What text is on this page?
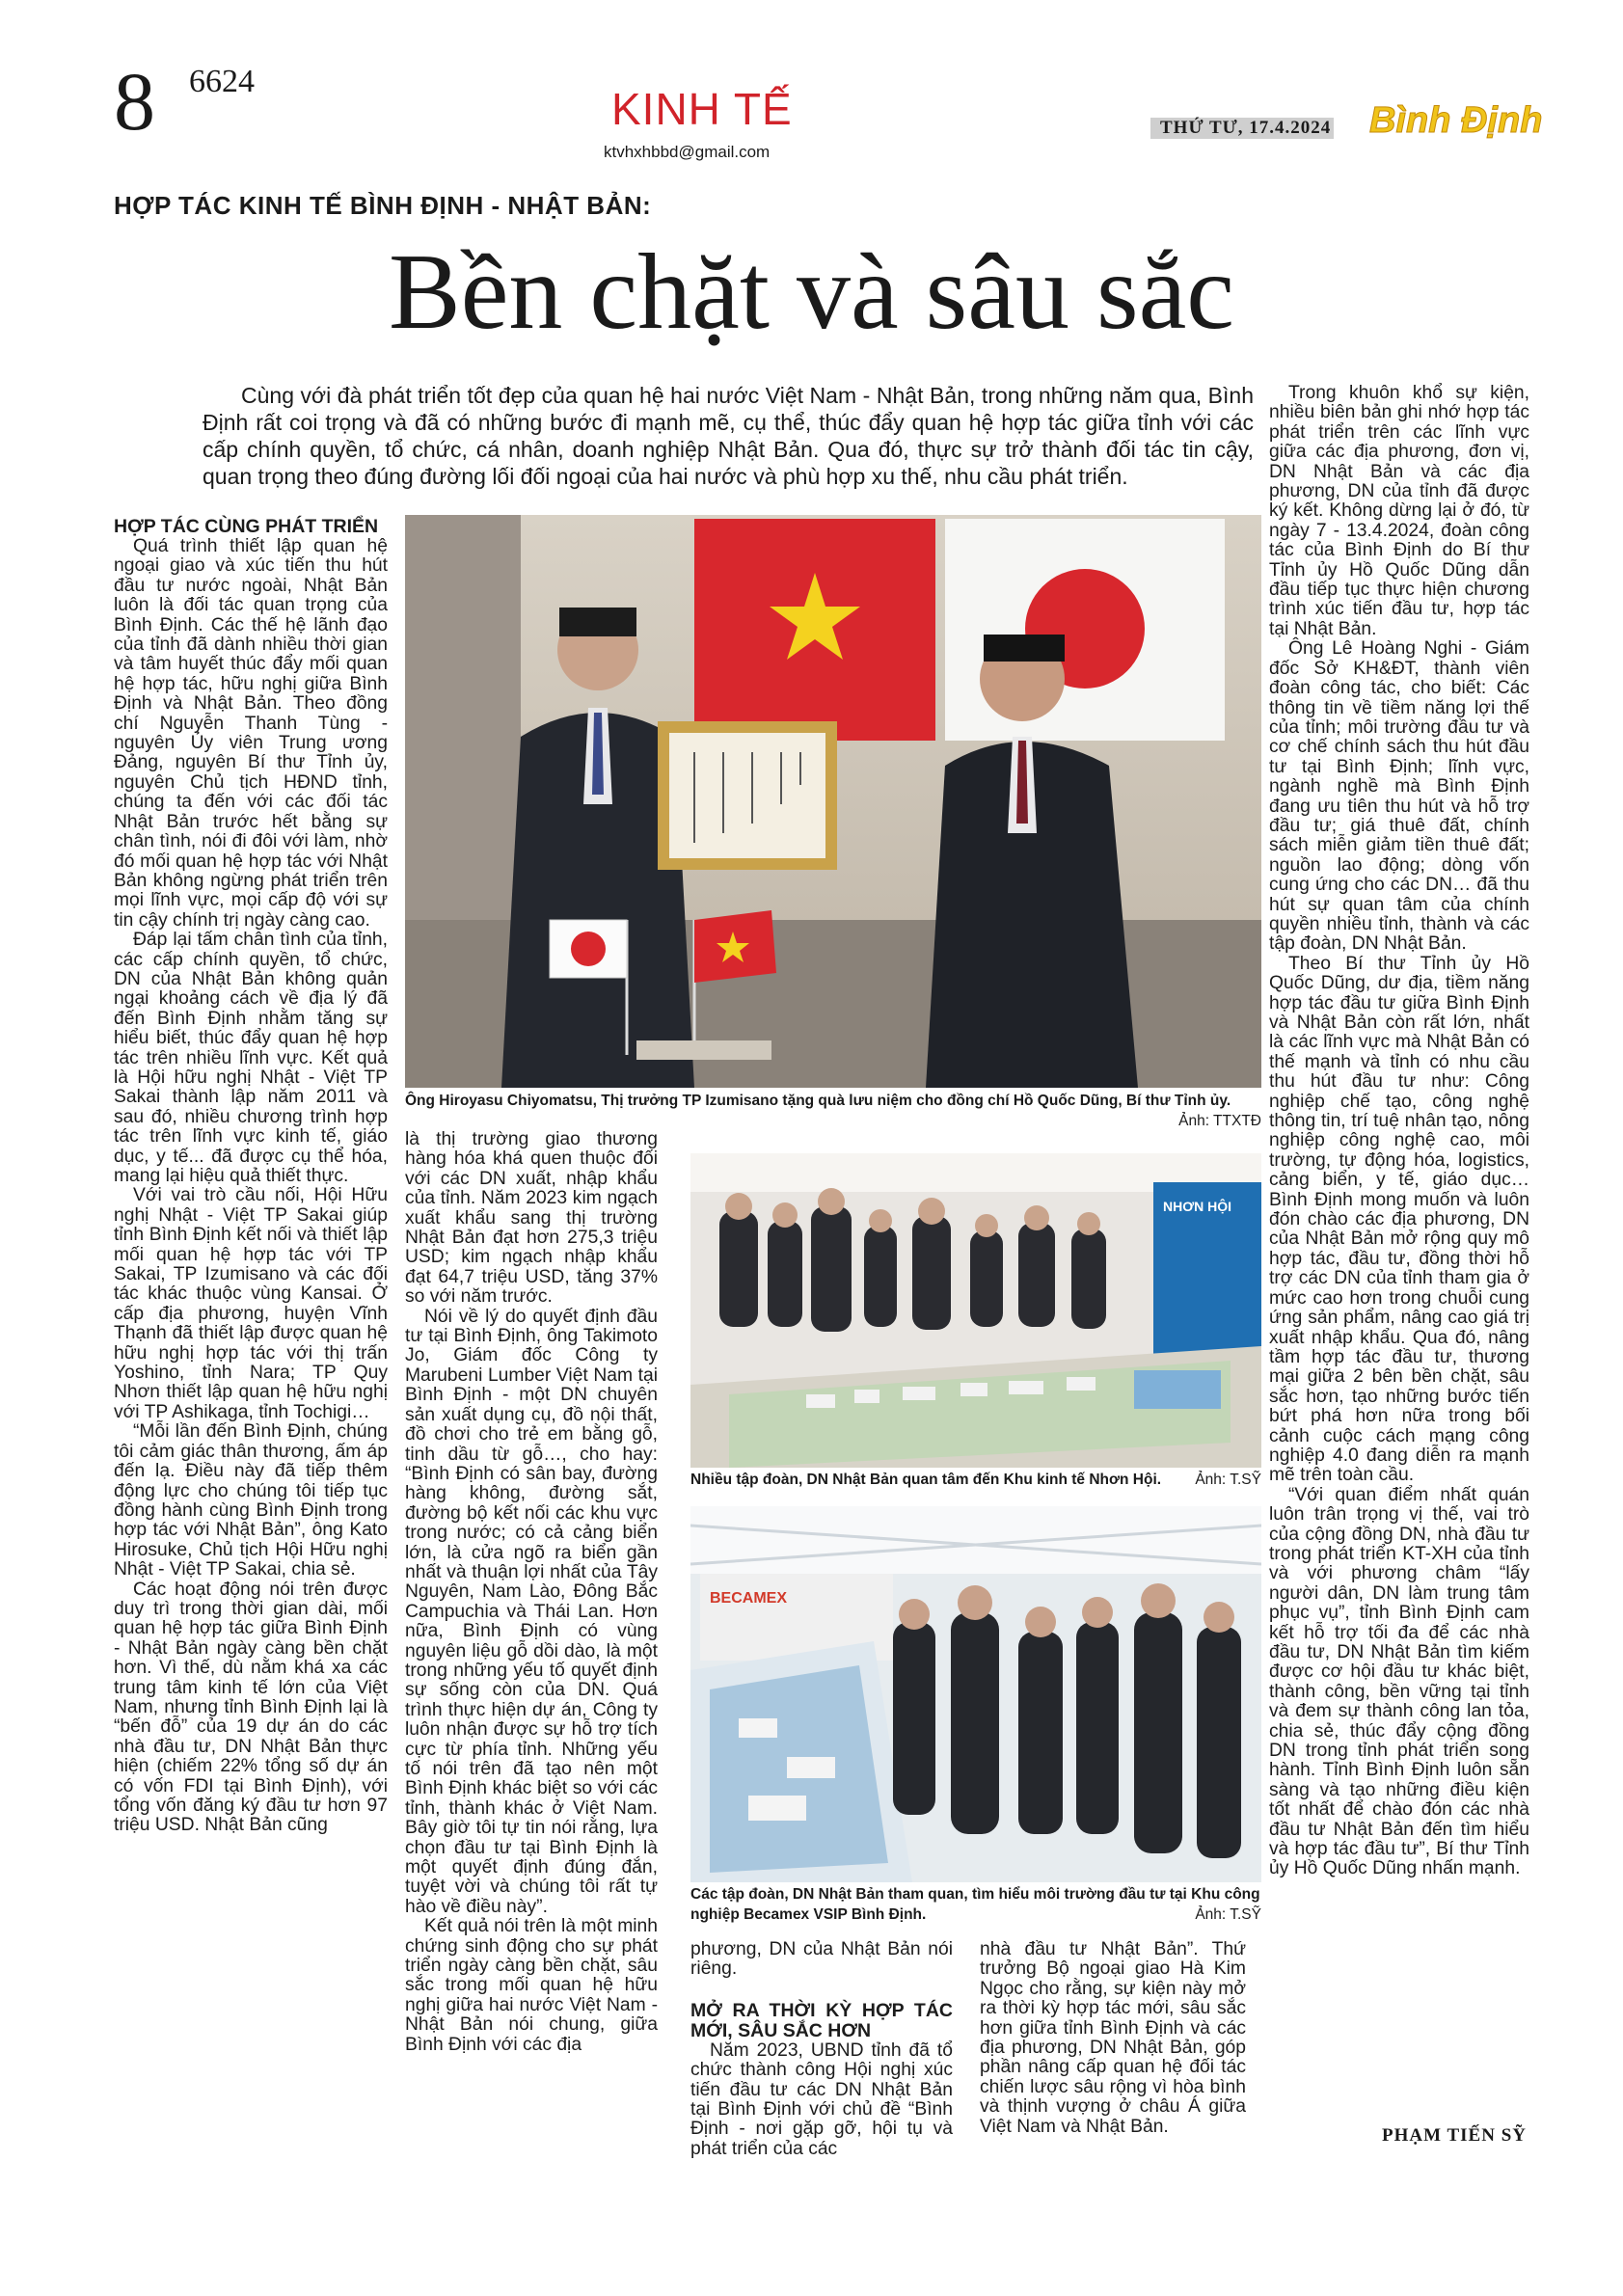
8 6624
KINH TẾ
ktvhxhbbd@gmail.com
THỨ TƯ, 17.4.2024 Bình Định
HỢP TÁC KINH TẾ BÌNH ĐỊNH - NHẬT BẢN:
Bền chặt và sâu sắc
Cùng với đà phát triển tốt đẹp của quan hệ hai nước Việt Nam - Nhật Bản, trong những năm qua, Bình Định rất coi trọng và đã có những bước đi mạnh mẽ, cụ thể, thúc đẩy quan hệ hợp tác giữa tỉnh với các cấp chính quyền, tổ chức, cá nhân, doanh nghiệp Nhật Bản. Qua đó, thực sự trở thành đối tác tin cậy, quan trọng theo đúng đường lối đối ngoại của hai nước và phù hợp xu thế, nhu cầu phát triển.

HỢP TÁC CÙNG PHÁT TRIỂN

Quá trình thiết lập quan hệ ngoại giao và xúc tiến thu hút đầu tư nước ngoài, Nhật Bản luôn là đối tác quan trọng của Bình Định. Các thế hệ lãnh đạo của tỉnh đã dành nhiều thời gian và tâm huyết thúc đẩy mối quan hệ hợp tác, hữu nghị giữa Bình Định và Nhật Bản. Theo đồng chí Nguyễn Thanh Tùng - nguyên Ủy viên Trung ương Đảng, nguyên Bí thư Tỉnh ủy, nguyên Chủ tịch HĐND tỉnh, chúng ta đến với các đối tác Nhật Bản trước hết bằng sự chân tình, nói đi đôi với làm, nhờ đó mối quan hệ hợp tác với Nhật Bản không ngừng phát triển trên mọi lĩnh vực, mọi cấp độ với sự tin cậy chính trị ngày càng cao.

Đáp lại tấm chân tình của tỉnh, các cấp chính quyền, tổ chức, DN của Nhật Bản không quản ngại khoảng cách về địa lý đã đến Bình Định nhằm tăng sự hiểu biết, thúc đẩy quan hệ hợp tác trên nhiều lĩnh vực. Kết quả là Hội hữu nghị Nhật - Việt TP Sakai thành lập năm 2011 và sau đó, nhiều chương trình hợp tác trên lĩnh vực kinh tế, giáo dục, y tế... đã được cụ thể hóa, mang lại hiệu quả thiết thực.

Với vai trò cầu nối, Hội Hữu nghị Nhật - Việt TP Sakai giúp tỉnh Bình Định kết nối và thiết lập mối quan hệ hợp tác với TP Sakai, TP Izumisano và các đối tác khác thuộc vùng Kansai. Ở cấp địa phương, huyện Vĩnh Thạnh đã thiết lập được quan hệ hữu nghị hợp tác với thị trấn Yoshino, tỉnh Nara; TP Quy Nhơn thiết lập quan hệ hữu nghị với TP Ashikaga, tỉnh Tochigi…

“Mỗi lần đến Bình Định, chúng tôi cảm giác thân thương, ấm áp đến lạ. Điều này đã tiếp thêm động lực cho chúng tôi tiếp tục đồng hành cùng Bình Định trong hợp tác với Nhật Bản”, ông Kato Hirosuke, Chủ tịch Hội Hữu nghị Nhật - Việt TP Sakai, chia sẻ.

Các hoạt động nói trên được duy trì trong thời gian dài, mối quan hệ hợp tác giữa Bình Định - Nhật Bản ngày càng bền chặt hơn. Vì thế, dù nằm khá xa các trung tâm kinh tế lớn của Việt Nam, nhưng tỉnh Bình Định lại là “bến đỗ” của 19 dự án do các nhà đầu tư, DN Nhật Bản thực hiện (chiếm 22% tổng số dự án có vốn FDI tại Bình Định), với tổng vốn đăng ký đầu tư hơn 97 triệu USD. Nhật Bản cũng

Ông Hiroyasu Chiyomatsu, Thị trưởng TP Izumisano tặng quà lưu niệm cho đồng chí Hồ Quốc Dũng, Bí thư Tỉnh ủy.
Ảnh: TTXTĐ

là thị trường giao thương hàng hóa khá quen thuộc đối với các DN xuất, nhập khẩu của tỉnh. Năm 2023 kim ngạch xuất khẩu sang thị trường Nhật Bản đạt hơn 275,3 triệu USD; kim ngạch nhập khẩu đạt 64,7 triệu USD, tăng 37% so với năm trước.

Nói về lý do quyết định đầu tư tại Bình Định, ông Takimoto Jo, Giám đốc Công ty Marubeni Lumber Việt Nam tại Bình Định - một DN chuyên sản xuất dụng cụ, đồ nội thất, đồ chơi cho trẻ em bằng gỗ, tinh dầu từ gỗ…, cho hay: “Bình Định có sân bay, đường hàng không, đường sắt, đường bộ kết nối các khu vực trong nước; có cả cảng biển lớn, là cửa ngõ ra biển gần nhất và thuận lợi nhất của Tây Nguyên, Nam Lào, Đông Bắc Campuchia và Thái Lan. Hơn nữa, Bình Định có vùng nguyên liệu gỗ dồi dào, là một trong những yếu tố quyết định sự sống còn của DN. Quá trình thực hiện dự án, Công ty luôn nhận được sự hỗ trợ tích cực từ phía tỉnh. Những yếu tố nói trên đã tạo nên một Bình Định khác biệt so với các tỉnh, thành khác ở Việt Nam. Bây giờ tôi tự tin nói rằng, lựa chọn đầu tư tại Bình Định là một quyết định đúng đắn, tuyệt vời và chúng tôi rất tự hào về điều này”.

Kết quả nói trên là một minh chứng sinh động cho sự phát triển ngày càng bền chặt, sâu sắc trong mối quan hệ hữu nghị giữa hai nước Việt Nam - Nhật Bản nói chung, giữa Bình Định với các địa

NHƠN HỘI
Nhiều tập đoàn, DN Nhật Bản quan tâm đến Khu kinh tế Nhơn Hội. Ảnh: T.SỸ
BECAMEX
Các tập đoàn, DN Nhật Bản tham quan, tìm hiểu môi trường đầu tư tại Khu công nghiệp Becamex VSIP Bình Định.	Ảnh: T.SỸ

phương, DN của Nhật Bản nói riêng.

MỞ RA THỜI KỲ HỢP TÁC MỚI, SÂU SẮC HƠN

Năm 2023, UBND tỉnh đã tổ chức thành công Hội nghị xúc tiến đầu tư các DN Nhật Bản tại Bình Định với chủ đề “Bình Định - nơi gặp gỡ, hội tụ và phát triển của các

nhà đầu tư Nhật Bản”. Thứ trưởng Bộ ngoại giao Hà Kim Ngọc cho rằng, sự kiện này mở ra thời kỳ hợp tác mới, sâu sắc hơn giữa tỉnh Bình Định và các địa phương, DN Nhật Bản, góp phần nâng cấp quan hệ đối tác chiến lược sâu rộng vì hòa bình và thịnh vượng ở châu Á giữa Việt Nam và Nhật Bản.

Trong khuôn khổ sự kiện, nhiều biên bản ghi nhớ hợp tác phát triển trên các lĩnh vực giữa các địa phương, đơn vị, DN Nhật Bản và các địa phương, DN của tỉnh đã được ký kết. Không dừng lại ở đó, từ ngày 7 - 13.4.2024, đoàn công tác của Bình Định do Bí thư Tỉnh ủy Hồ Quốc Dũng dẫn đầu tiếp tục thực hiện chương trình xúc tiến đầu tư, hợp tác tại Nhật Bản.

Ông Lê Hoàng Nghi - Giám đốc Sở KH&ĐT, thành viên đoàn công tác, cho biết: Các thông tin về tiềm năng lợi thế của tỉnh; môi trường đầu tư và cơ chế chính sách thu hút đầu tư tại Bình Định; lĩnh vực, ngành nghề mà Bình Định đang ưu tiên thu hút và hỗ trợ đầu tư; giá thuê đất, chính sách miễn giảm tiền thuê đất; nguồn lao động; dòng vốn cung ứng cho các DN… đã thu hút sự quan tâm của chính quyền nhiều tỉnh, thành và các tập đoàn, DN Nhật Bản.

Theo Bí thư Tỉnh ủy Hồ Quốc Dũng, dư địa, tiềm năng hợp tác đầu tư giữa Bình Định và Nhật Bản còn rất lớn, nhất là các lĩnh vực mà Nhật Bản có thế mạnh và tỉnh có nhu cầu thu hút đầu tư như: Công nghiệp chế tạo, công nghệ thông tin, trí tuệ nhân tạo, nông nghiệp công nghệ cao, môi trường, tự động hóa, logistics, cảng biển, y tế, giáo dục… Bình Định mong muốn và luôn đón chào các địa phương, DN của Nhật Bản mở rộng quy mô hợp tác, đầu tư, đồng thời hỗ trợ các DN của tỉnh tham gia ở mức cao hơn trong chuỗi cung ứng sản phẩm, nâng cao giá trị xuất nhập khẩu. Qua đó, nâng tầm hợp tác đầu tư, thương mại giữa 2 bên bền chặt, sâu sắc hơn, tạo những bước tiến bứt phá hơn nữa trong bối cảnh cuộc cách mạng công nghiệp 4.0 đang diễn ra mạnh mẽ trên toàn cầu.

“Với quan điểm nhất quán luôn trân trọng vị thế, vai trò của cộng đồng DN, nhà đầu tư trong phát triển KT-XH của tỉnh và với phương châm “lấy người dân, DN làm trung tâm phục vụ”, tỉnh Bình Định cam kết hỗ trợ tối đa để các nhà đầu tư, DN Nhật Bản tìm kiếm được cơ hội đầu tư khác biệt, thành công, bền vững tại tỉnh và đem sự thành công lan tỏa, chia sẻ, thúc đẩy cộng đồng DN trong tỉnh phát triển song hành. Tỉnh Bình Định luôn sẵn sàng và tạo những điều kiện tốt nhất để chào đón các nhà đầu tư Nhật Bản đến tìm hiểu và hợp tác đầu tư”, Bí thư Tỉnh ủy Hồ Quốc Dũng nhấn mạnh.

PHẠM TIẾN SỸ
